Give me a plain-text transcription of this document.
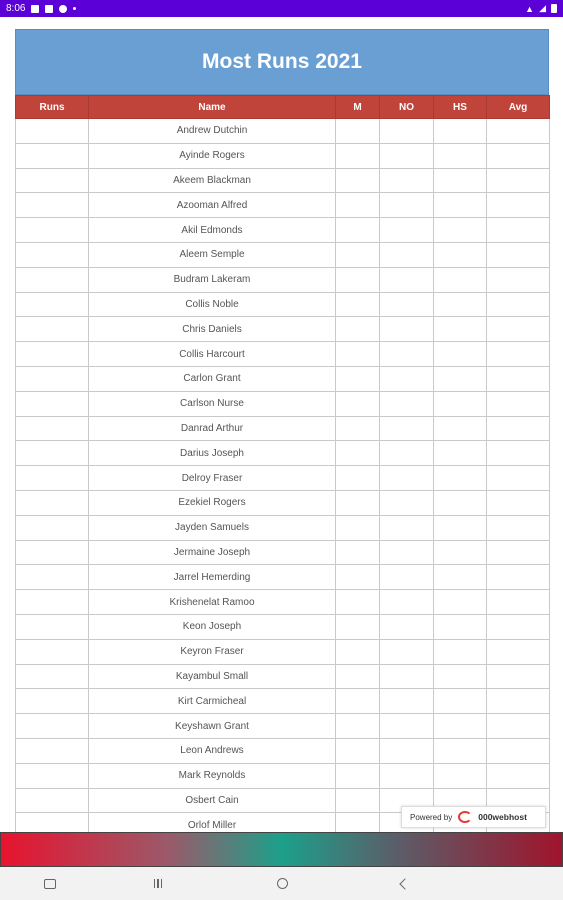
8:06	▲ ◢
Most Runs 2021
Runs	Name	M	NO	HS	Avg
	Andrew Dutchin				
	Ayinde Rogers				
	Akeem Blackman				
	Azooman Alfred				
	Akil Edmonds				
	Aleem Semple				
	Budram Lakeram				
	Collis Noble				
	Chris Daniels				
	Collis Harcourt				
	Carlon Grant				
	Carlson Nurse				
	Danrad Arthur				
	Darius Joseph				
	Delroy Fraser				
	Ezekiel Rogers				
	Jayden Samuels				
	Jermaine Joseph				
	Jarrel Hemerding				
	Krishenelat Ramoo				
	Keon Joseph				
	Keyron Fraser				
	Kayambul Small				
	Kirt Carmicheal				
	Keyshawn Grant				
	Leon Andrews				
	Mark Reynolds				
	Osbert Cain				
	Orlof Miller				
Powered by	000webhost
